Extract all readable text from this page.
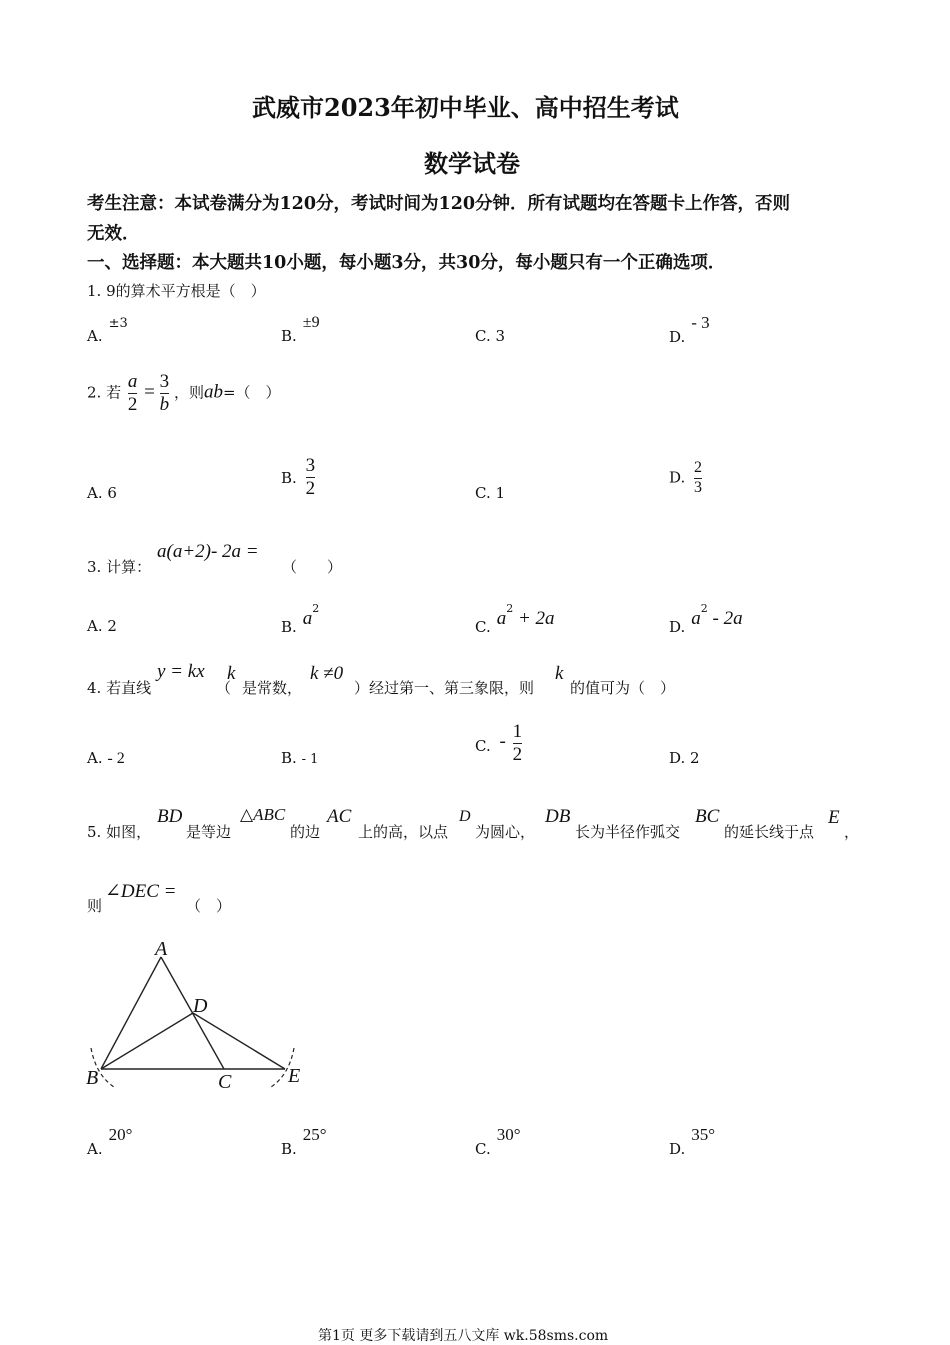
武威市2023年初中毕业、高中招生考试
数学试卷
考生注意：本试卷满分为120分，考试时间为120分钟．所有试题均在答题卡上作答，否则
无效．
一、选择题：本大题共10小题，每小题3分，共30分，每小题只有一个正确选项．
1. 9的算术平方根是（　）
A.±3
B.±9
C. 3	D.- 3
2. 若 $\frac{a}{2} = \frac{3}{b}$ ，则ab=（　）
A. 6
B. $\frac{3}{2}$	C. 1
D. $\frac{2}{3}$
3. 计算：
a(a+2)- 2a =
（　　）
A. 2	B. $a^2$
C. $a^2 + 2a$	D. $a^2 - 2a$
4. 若直线
y = kx
（
k
是常数，
k ≠0
）经过第一、第三象限，则
k
的值可为（　）
A. - 2	B. - 1
C. - $\frac{1}{2}$	D. 2
5. 如图，
BD
是等边
△ABC
的边
AC
上的高，以点
D
为圆心，
DB
长为半径作弧交
BC
的延长线于点
E
，
则
∠DEC =
（　）
A
B	C
D
E
A.20°
B.25°
C.30°
D.35°
第1页 更多下载请到五八文库 wk.58sms.com
